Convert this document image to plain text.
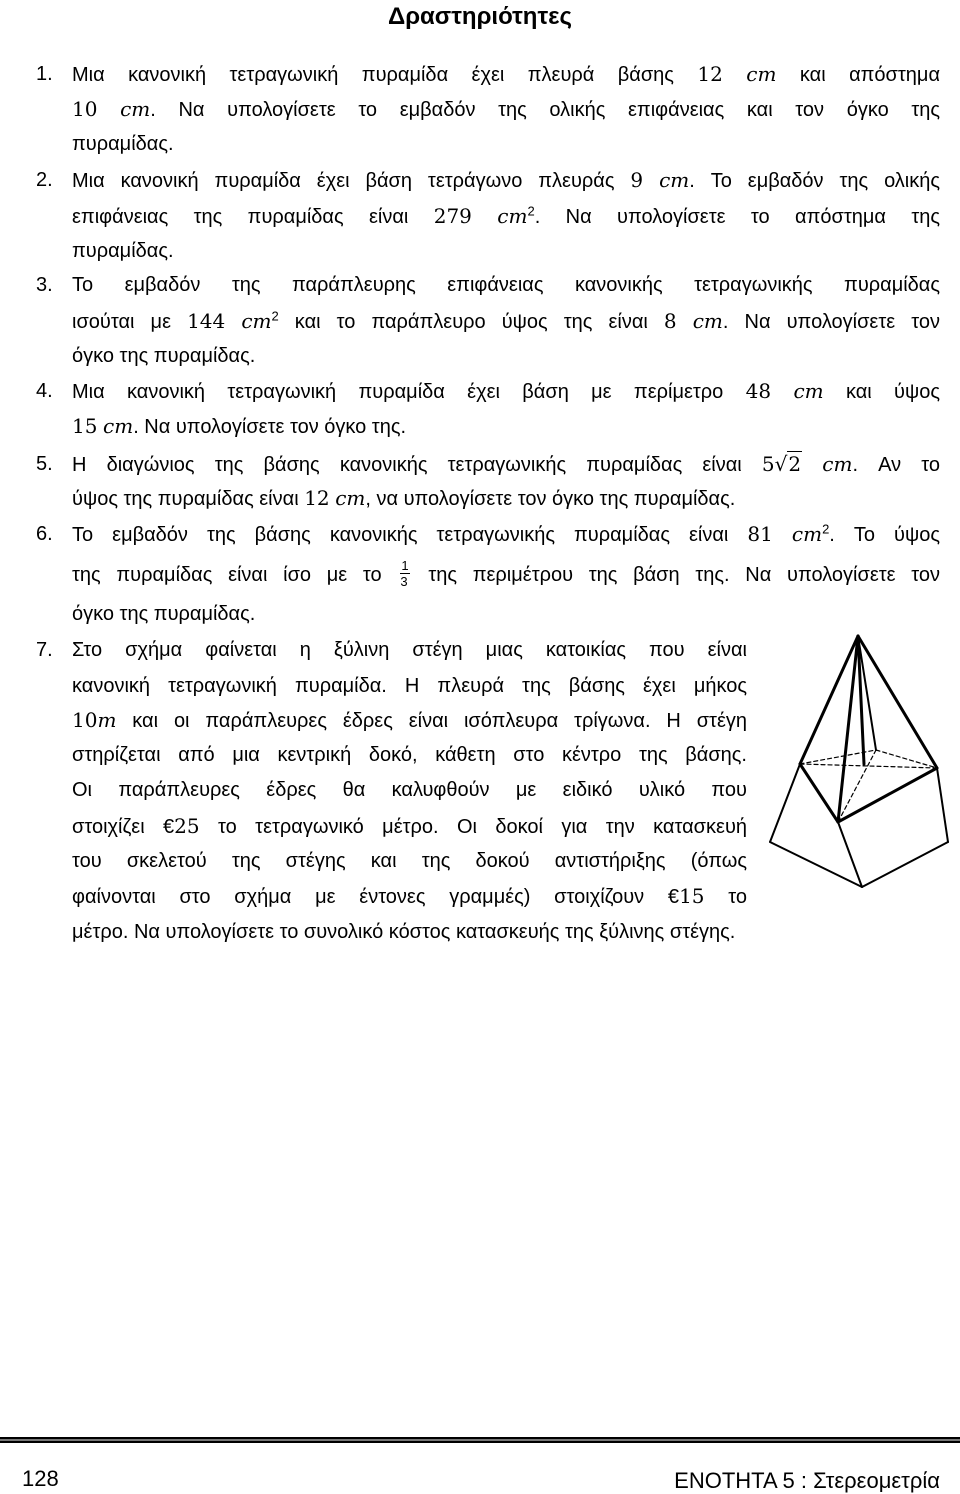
Δραστηριότητες
1. Μια κανονική τετραγωνική πυραμίδα έχει πλευρά βάσης 12 cm και απόστημα
10 cm. Να υπολογίσετε το εμβαδόν της ολικής επιφάνειας και τον όγκο της
πυραμίδας.
2. Μια κανονική πυραμίδα έχει βάση τετράγωνο πλευράς 9 cm. Το εμβαδόν της ολικής
επιφάνειας της πυραμίδας είναι 279 $cm^2$. Να υπολογίσετε το απόστημα της
πυραμίδας.
3. Το εμβαδόν της παράπλευρης επιφάνειας κανονικής τετραγωνικής πυραμίδας
ισούται με 144 $cm^2$ και το παράπλευρο ύψος της είναι 8 cm. Να υπολογίσετε τον
όγκο της πυραμίδας.
4. Μια κανονική τετραγωνική πυραμίδα έχει βάση με περίμετρο 48 cm και ύψος
15 cm. Να υπολογίσετε τον όγκο της.
5. Η διαγώνιος της βάσης κανονικής τετραγωνικής πυραμίδας είναι 5√2 cm. Αν το
ύψος της πυραμίδας είναι 12 cm, να υπολογίσετε τον όγκο της πυραμίδας.
6. Το εμβαδόν της βάσης κανονικής τετραγωνικής πυραμίδας είναι 81 $cm^2$. Το ύψος
της πυραμίδας είναι ίσο με το $\frac{1}{3}$ της περιμέτρου της βάση της. Να υπολογίσετε τον
όγκο της πυραμίδας.
7. Στο σχήμα φαίνεται η ξύλινη στέγη μιας κατοικίας που είναι
κανονική τετραγωνική πυραμίδα. Η πλευρά της βάσης έχει μήκος
10m και οι παράπλευρες έδρες είναι ισόπλευρα τρίγωνα. Η στέγη
στηρίζεται από μια κεντρική δοκό, κάθετη στο κέντρο της βάσης.
Οι παράπλευρες έδρες θα καλυφθούν με ειδικό υλικό που
στοιχίζει €25 το τετραγωνικό μέτρο. Οι δοκοί για την κατασκευή
του σκελετού της στέγης και της δοκού αντιστήριξης (όπως
φαίνονται στο σχήμα με έντονες γραμμές) στοιχίζουν €15 το
μέτρο. Να υπολογίσετε το συνολικό κόστος κατασκευής της ξύλινης στέγης.
128	ΕΝΟΤΗΤΑ 5 : Στερεομετρία
